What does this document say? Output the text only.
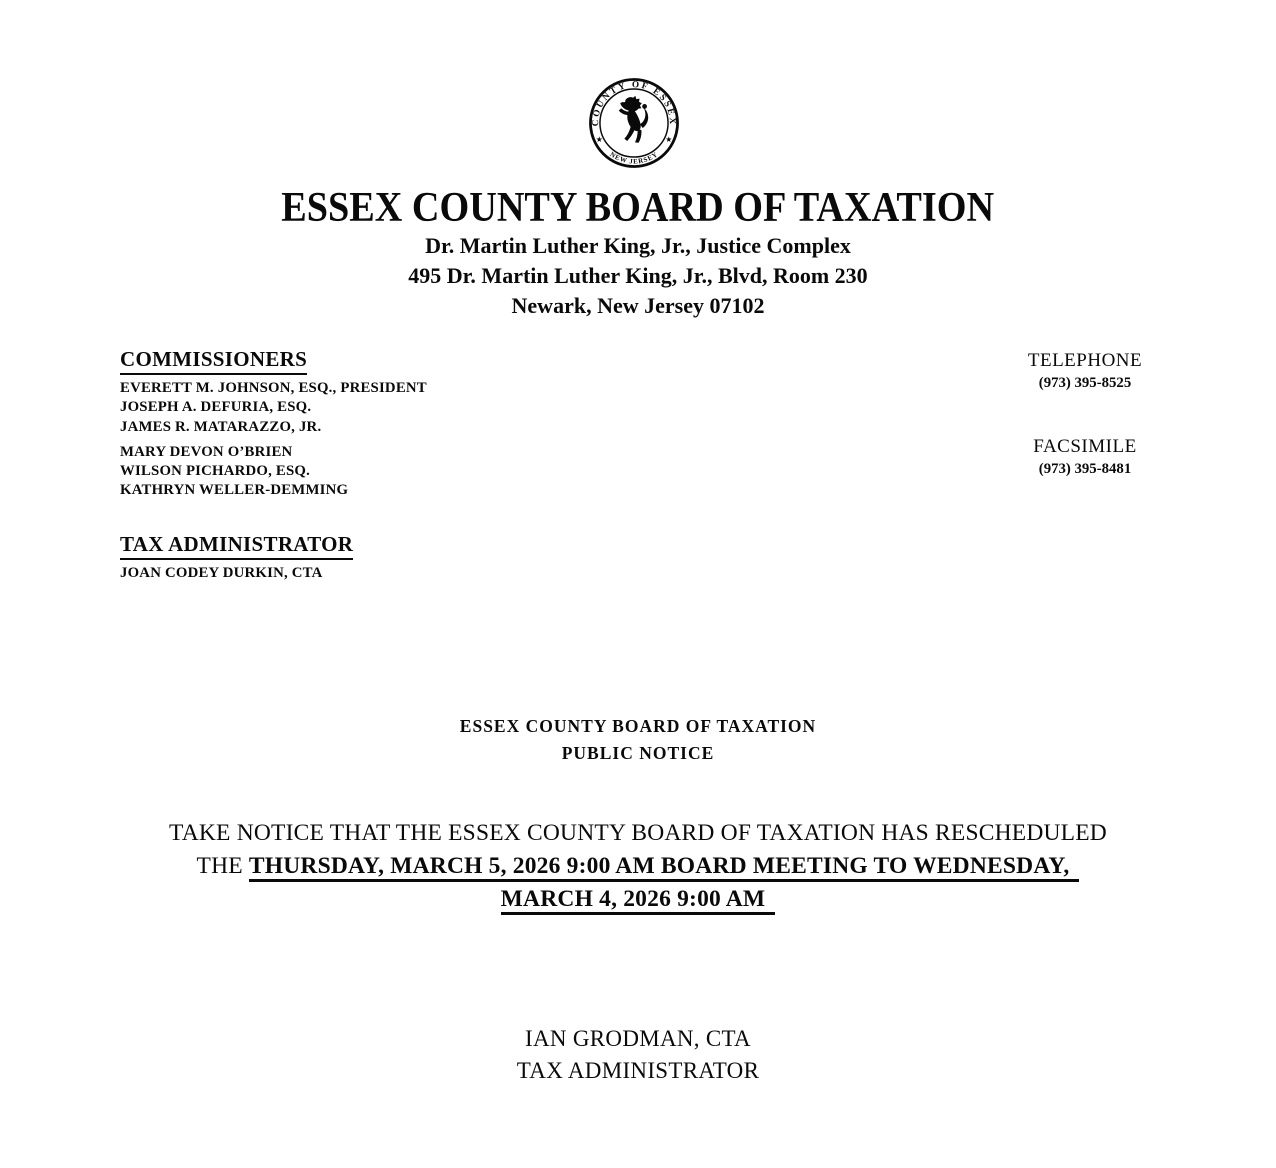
COUNTY OF ESSEX
NEW JERSEY
★	★
ESSEX COUNTY BOARD OF TAXATION
Dr. Martin Luther King, Jr., Justice Complex
495 Dr. Martin Luther King, Jr., Blvd, Room 230
Newark, New Jersey 07102
COMMISSIONERS
EVERETT M. JOHNSON, ESQ., PRESIDENT
JOSEPH A. DEFURIA, ESQ.
JAMES R. MATARAZZO, JR.
MARY DEVON O’BRIEN
WILSON PICHARDO, ESQ.
KATHRYN WELLER-DEMMING
TELEPHONE
(973) 395-8525
FACSIMILE
(973) 395-8481
TAX ADMINISTRATOR
JOAN CODEY DURKIN, CTA
ESSEX COUNTY BOARD OF TAXATION
PUBLIC NOTICE
TAKE NOTICE THAT THE ESSEX COUNTY BOARD OF TAXATION HAS RESCHEDULED
THE THURSDAY, MARCH 5, 2026 9:00 AM BOARD MEETING TO WEDNESDAY,
MARCH 4, 2026 9:00 AM
IAN GRODMAN, CTA
TAX ADMINISTRATOR
